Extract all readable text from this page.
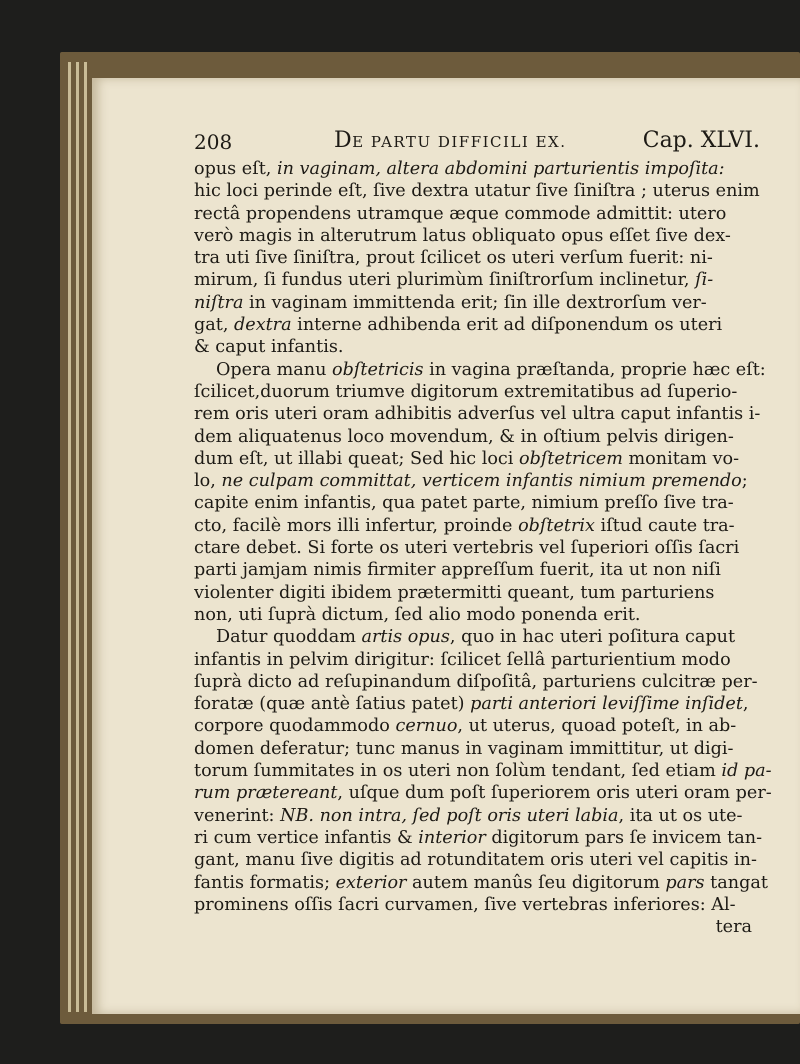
208	DE PARTU DIFFICILI EX.	Cap. XLVI.
opus eſt, in vaginam, altera abdomini parturientis impoſita:
hic loci perinde eſt, ſive dextra utatur ſive ſiniſtra ; uterus enim
rectâ propendens utramque æque commode admittit: utero
verò magis in alterutrum latus obliquato opus eſſet ſive dex-
tra uti ſive ſiniſtra, prout ſcilicet os uteri verſum fuerit: ni-
mirum, ſi fundus uteri plurimùm ſiniſtrorſum inclinetur, ſi-
niſtra in vaginam immittenda erit; ſin ille dextrorſum ver-
gat, dextra interne adhibenda erit ad diſponendum os uteri
& caput infantis.
Opera manu obſtetricis in vagina præſtanda, proprie hæc eſt:
ſcilicet,duorum triumve digitorum extremitatibus ad ſuperio-
rem oris uteri oram adhibitis adverſus vel ultra caput infantis i-
dem aliquatenus loco movendum, & in oſtium pelvis dirigen-
dum eſt, ut illabi queat; Sed hic loci obſtetricem monitam vo-
lo, ne culpam committat, verticem infantis nimium premendo;
capite enim infantis, qua patet parte, nimium preſſo ſive tra-
cto, facilè mors illi infertur, proinde obſtetrix iſtud caute tra-
ctare debet. Si forte os uteri vertebris vel ſuperiori oſſis ſacri
parti jamjam nimis firmiter appreſſum fuerit, ita ut non niſi
violenter digiti ibidem prætermitti queant, tum parturiens
non, uti ſuprà dictum, ſed alio modo ponenda erit.
Datur quoddam artis opus, quo in hac uteri poſitura caput
infantis in pelvim dirigitur: ſcilicet ſellâ parturientium modo
ſuprà dicto ad reſupinandum diſpoſitâ, parturiens culcitræ per-
foratæ (quæ antè ſatius patet) parti anteriori leviſſime inſidet,
corpore quodammodo cernuo, ut uterus, quoad poteſt, in ab-
domen deferatur; tunc manus in vaginam immittitur, ut digi-
torum ſummitates in os uteri non ſolùm tendant, ſed etiam id pa-
rum prætereant, uſque dum poſt ſuperiorem oris uteri oram per-
venerint: NB. non intra, ſed poſt oris uteri labia, ita ut os ute-
ri cum vertice infantis & interior digitorum pars ſe invicem tan-
gant, manu ſive digitis ad rotunditatem oris uteri vel capitis in-
fantis formatis; exterior autem manûs ſeu digitorum pars tangat
prominens oſſis ſacri curvamen, ſive vertebras inferiores: Al-
tera
